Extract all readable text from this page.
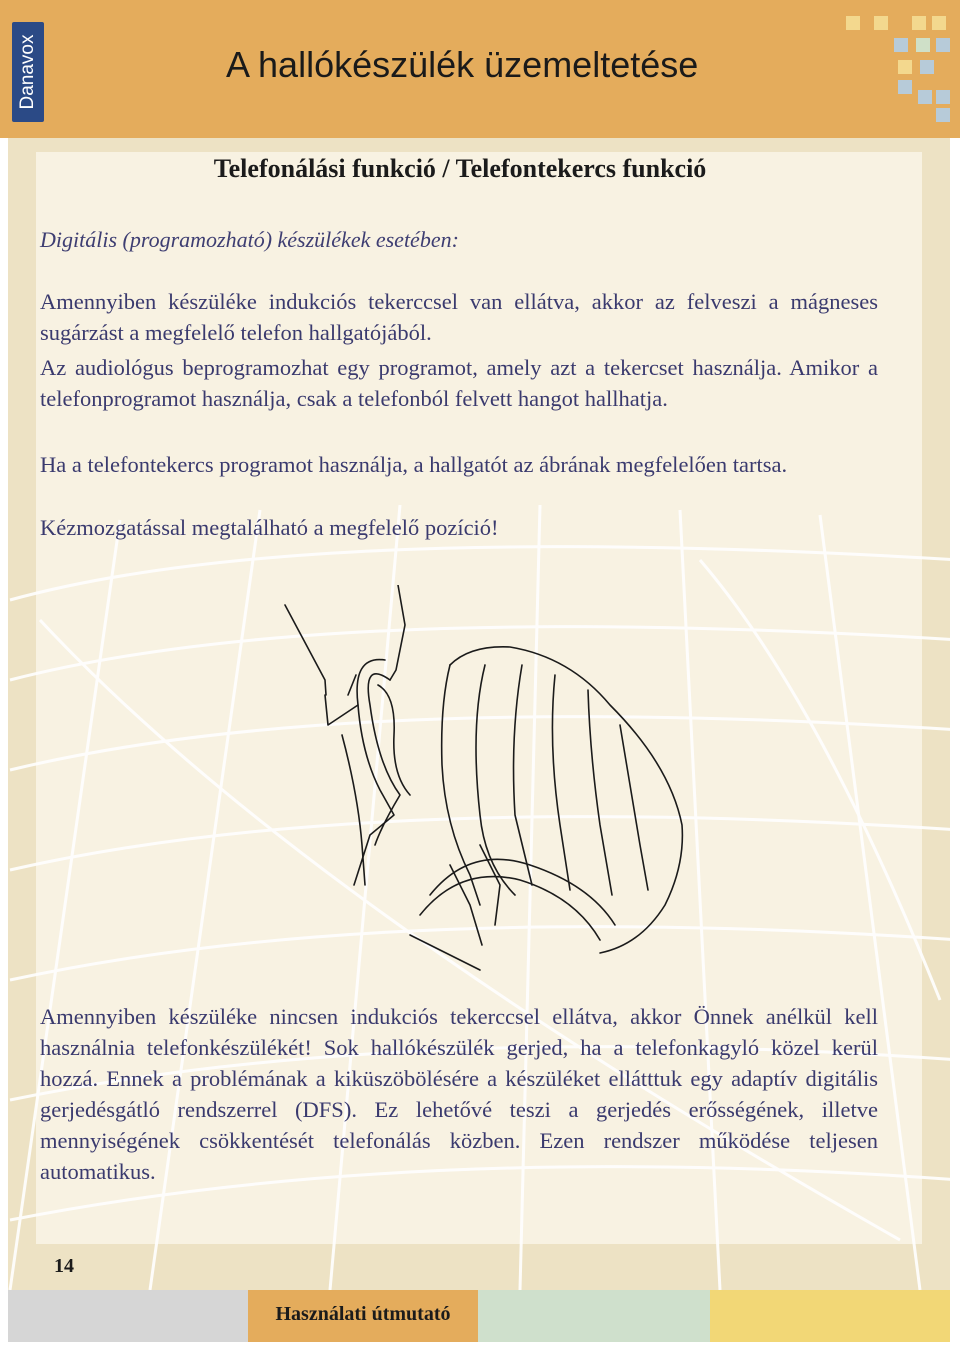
Danavox	A hallókészülék üzemeltetése
Telefonálási funkció / Telefontekercs funkció

Digitális (programozható) készülékek esetében:

Amennyiben készüléke indukciós tekerccsel van ellátva, akkor az felveszi a mágneses sugárzást a megfelelő telefon hallgatójából.

Az audiológus beprogramozhat egy programot, amely azt a tekercset használja. Amikor a telefonprogramot használja, csak a telefonból felvett hangot hallhatja.

Ha a telefontekercs programot használja, a hallgatót az ábrának megfelelően tartsa.

Kézmozgatással megtalálható a megfelelő pozíció!

Amennyiben készüléke nincsen indukciós tekerccsel ellátva, akkor Önnek anélkül kell használnia telefonkészülékét! Sok hallókészülék gerjed, ha a telefonkagyló közel kerül hozzá. Ennek a problémának a kiküszöbölésére a készüléket ellátttuk egy adaptív digitális gerjedésgátló rendszerrel (DFS). Ez lehetővé teszi a gerjedés erősségének, illetve mennyiségének csökkentését telefonálás közben. Ezen rendszer működése teljesen automatikus.

14

Használati útmutató
